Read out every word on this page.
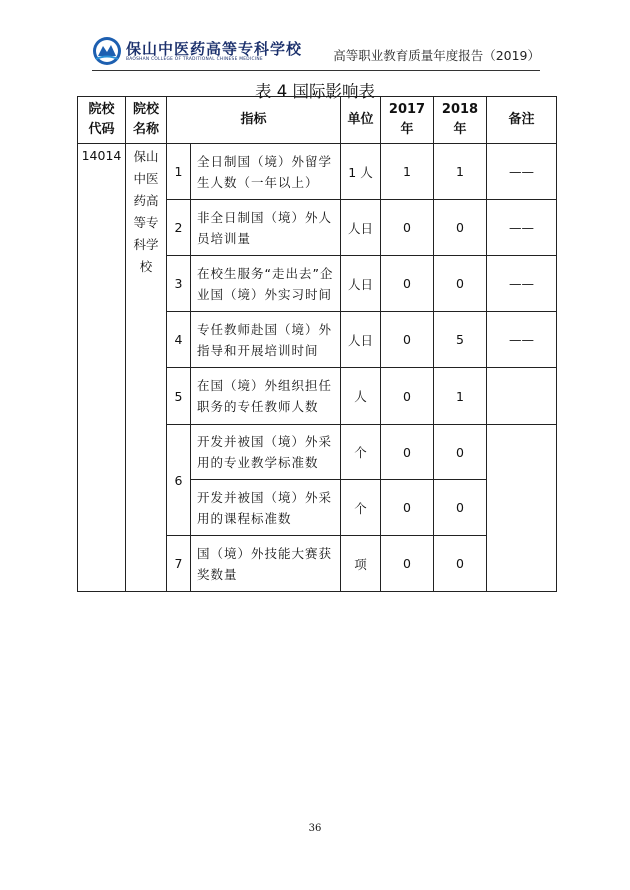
保山中医药高等专科学校
BAOSHAN COLLEGE OF TRADITIONAL CHINESE MEDICINE	高等职业教育质量年度报告（2019）
表 4 国际影响表
院校代码	院校名称	指标		单位	2017 年	2018 年	备注
14014	保山中医药高等专科学校	1	全日制国（境）外留学生人数（一年以上）	1 人	1	1	——
		2	非全日制国（境）外人员培训量	人日	0	0	——
		3	在校生服务“走出去”企业国（境）外实习时间	人日	0	0	——
		4	专任教师赴国（境）外指导和开展培训时间	人日	0	5	——
		5	在国（境）外组织担任职务的专任教师人数	人	0	1	
		6	开发并被国（境）外采用的专业教学标准数	个	0	0	
			开发并被国（境）外采用的课程标准数	个	0	0	
		7	国（境）外技能大赛获奖数量	项	0	0	
36
